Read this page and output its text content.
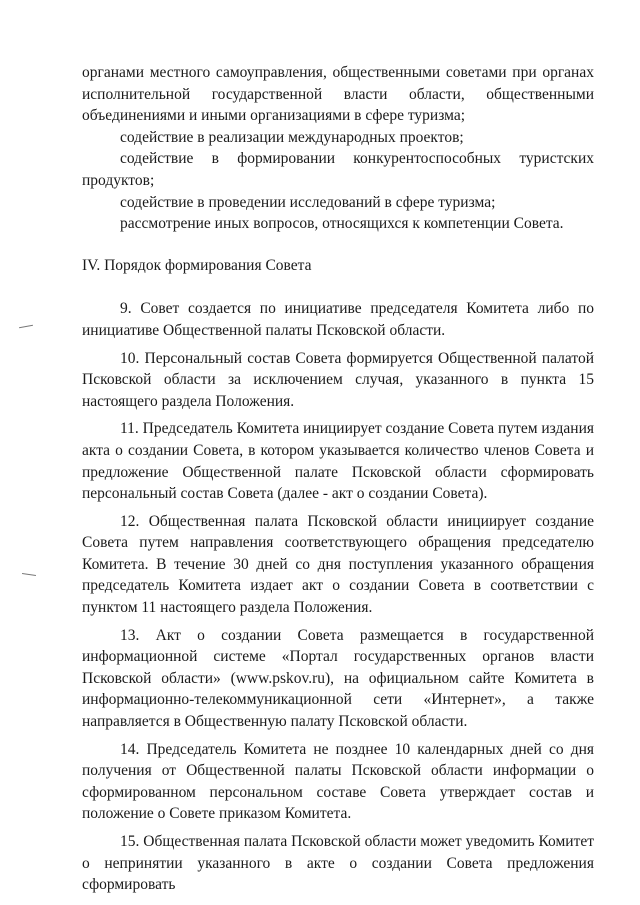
органами местного самоуправления, общественными советами при органах исполнительной государственной власти области, общественными объединениями и иными организациями в сфере туризма;

содействие в реализации международных проектов;

содействие в формировании конкурентоспособных туристских продуктов;

содействие в проведении исследований в сфере туризма;

рассмотрение иных вопросов, относящихся к компетенции Совета.

IV. Порядок формирования Совета

9. Совет создается по инициативе председателя Комитета либо по инициативе Общественной палаты Псковской области.

10. Персональный состав Совета формируется Общественной палатой Псковской области за исключением случая, указанного в пункта 15 настоящего раздела Положения.

11. Председатель Комитета инициирует создание Совета путем издания акта о создании Совета, в котором указывается количество членов Совета и предложение Общественной палате Псковской области сформировать персональный состав Совета (далее - акт о создании Совета).

12. Общественная палата Псковской области инициирует создание Совета путем направления соответствующего обращения председателю Комитета. В течение 30 дней со дня поступления указанного обращения председатель Комитета издает акт о создании Совета в соответствии с пунктом 11 настоящего раздела Положения.

13. Акт о создании Совета размещается в государственной информационной системе «Портал государственных органов власти Псковской области» (www.pskov.ru), на официальном сайте Комитета в информационно-телекоммуникационной сети «Интернет», а также направляется в Общественную палату Псковской области.

14. Председатель Комитета не позднее 10 календарных дней со дня получения от Общественной палаты Псковской области информации о сформированном персональном составе Совета утверждает состав и положение о Совете приказом Комитета.

15. Общественная палата Псковской области может уведомить Комитет о непринятии указанного в акте о создании Совета предложения сформировать
